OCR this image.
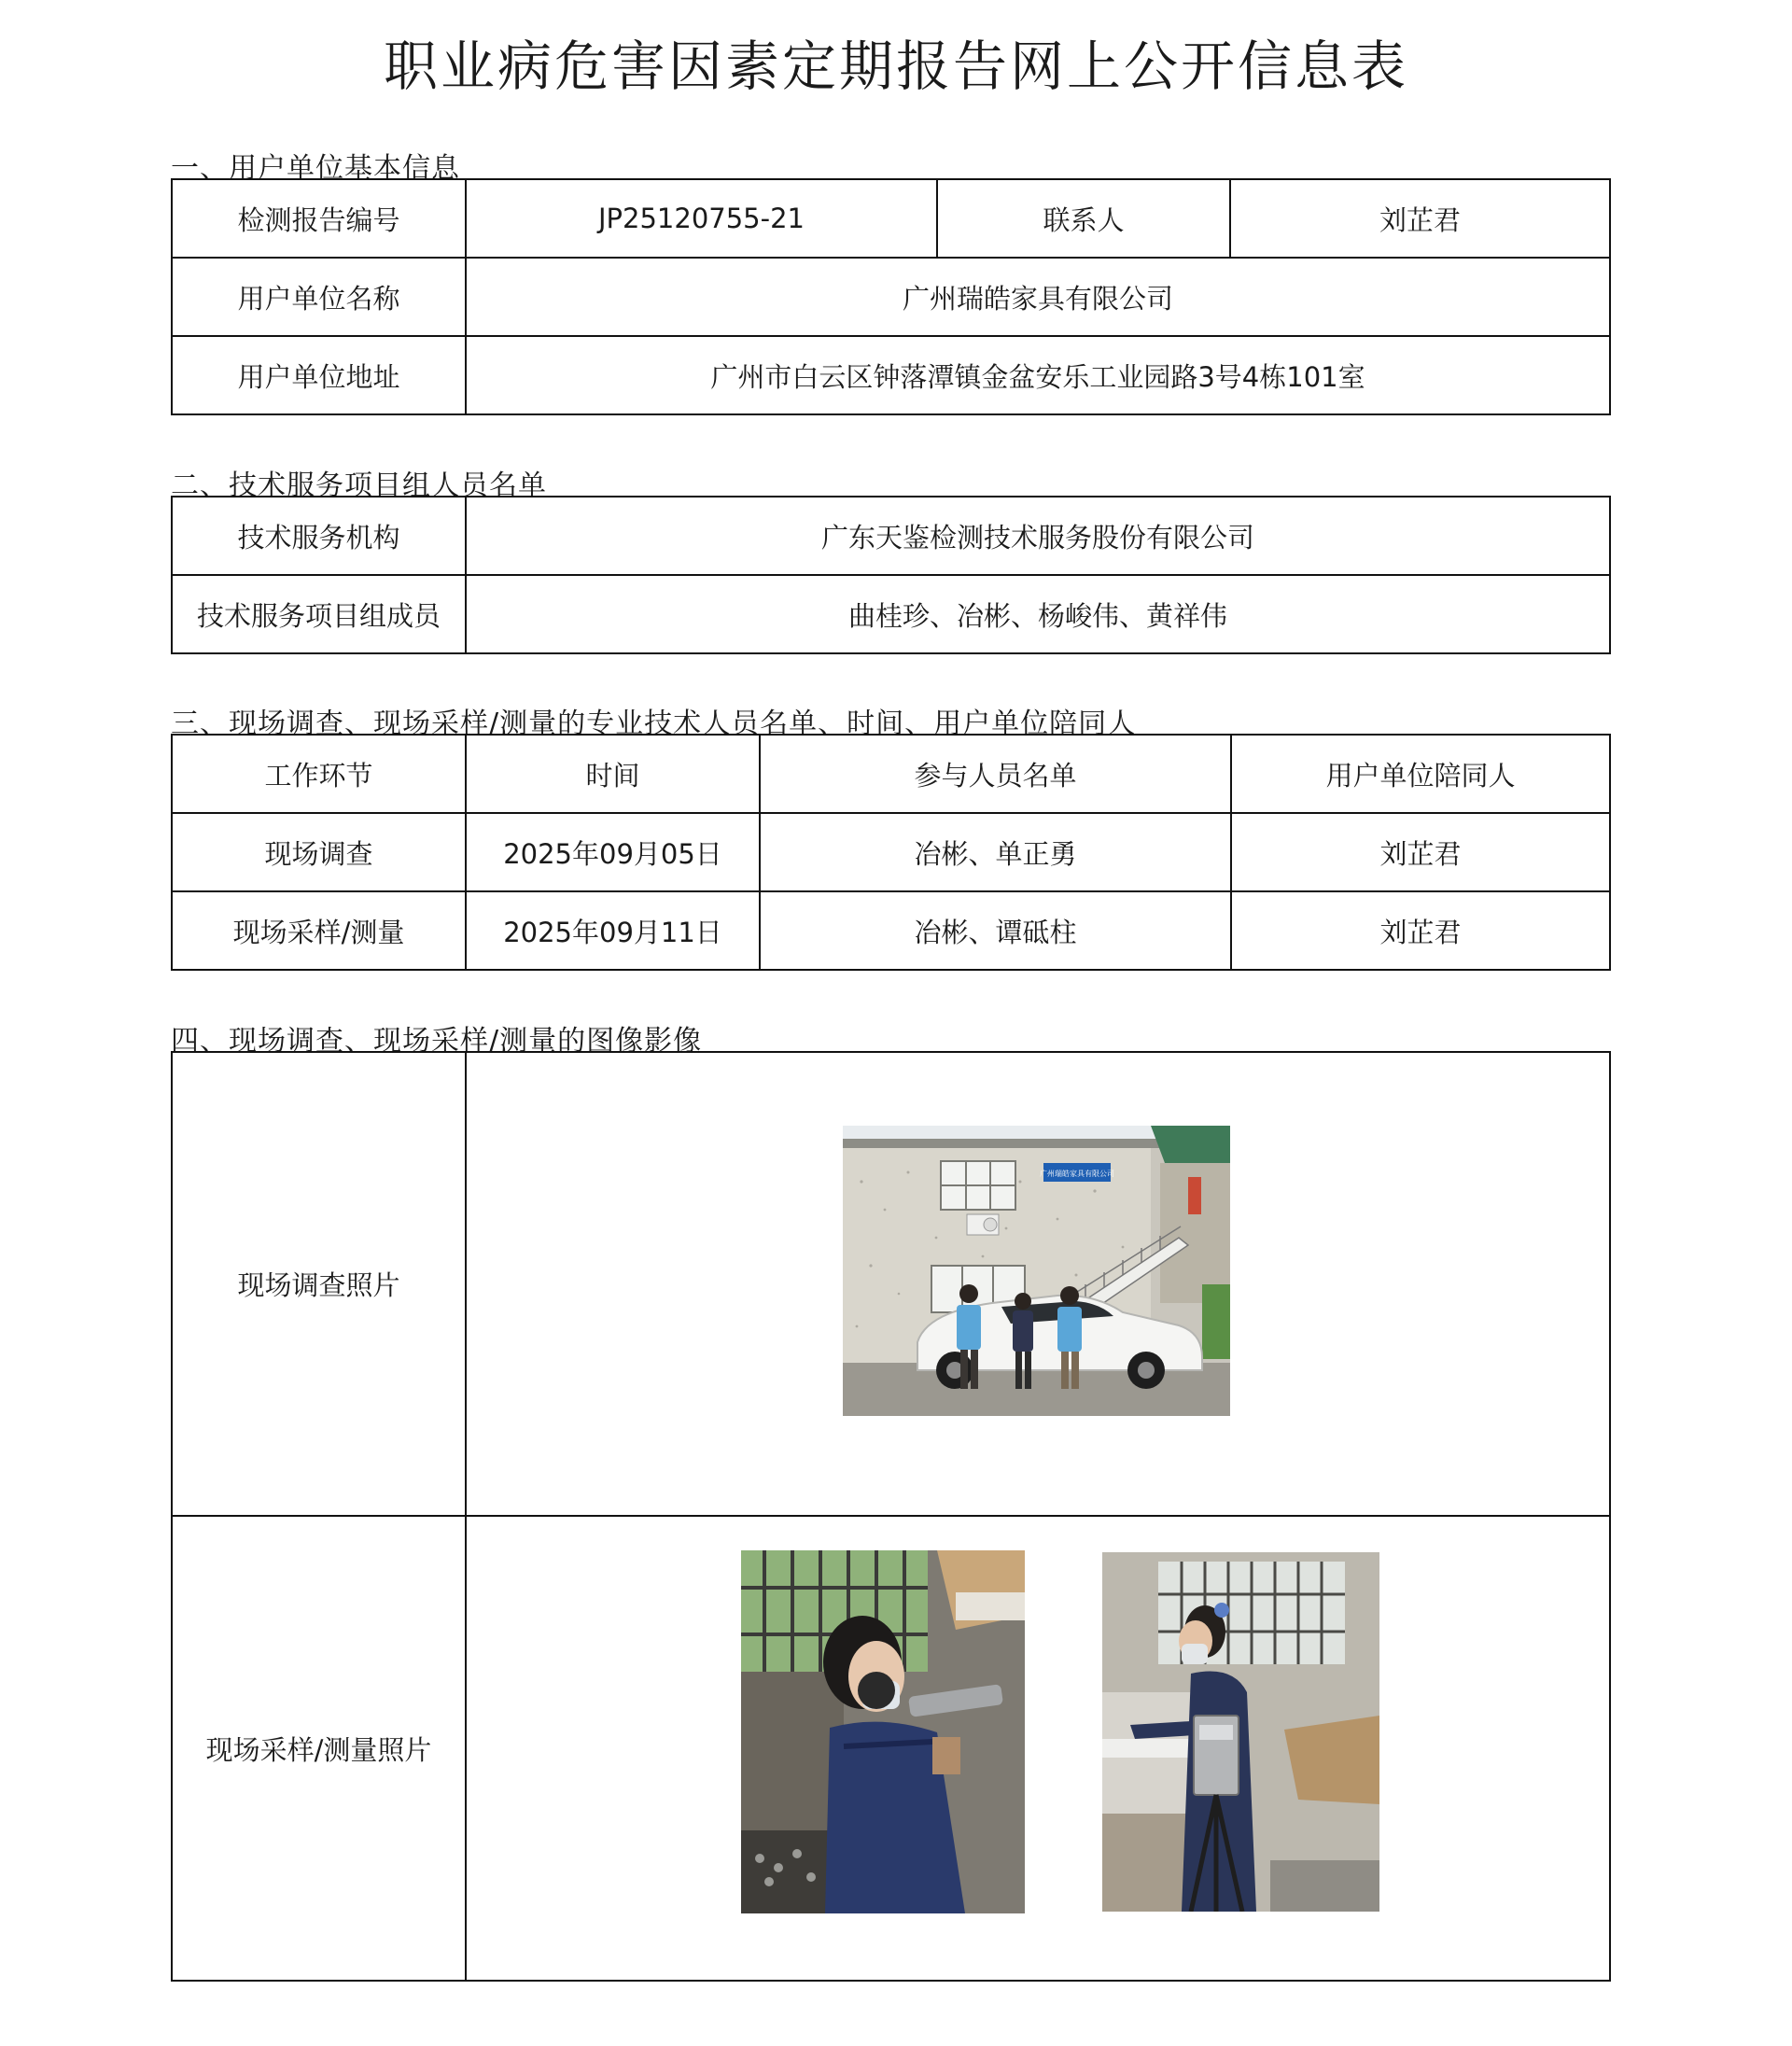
职业病危害因素定期报告网上公开信息表
一、用户单位基本信息
检测报告编号	JP25120755-21	联系人	刘芷君
用户单位名称	广州瑞皓家具有限公司		
用户单位地址	广州市白云区钟落潭镇金盆安乐工业园路3号4栋101室		
二、技术服务项目组人员名单
技术服务机构	广东天鉴检测技术服务股份有限公司
技术服务项目组成员	曲桂珍、冶彬、杨峻伟、黄祥伟
三、现场调查、现场采样/测量的专业技术人员名单、时间、用户单位陪同人
工作环节	时间	参与人员名单	用户单位陪同人
现场调查	2025年09月05日	冶彬、单正勇	刘芷君
现场采样/测量	2025年09月11日	冶彬、谭砥柱	刘芷君
四、现场调查、现场采样/测量的图像影像
现场调查照片	
现场采样/测量照片	
广州瑞皓家具有限公司
